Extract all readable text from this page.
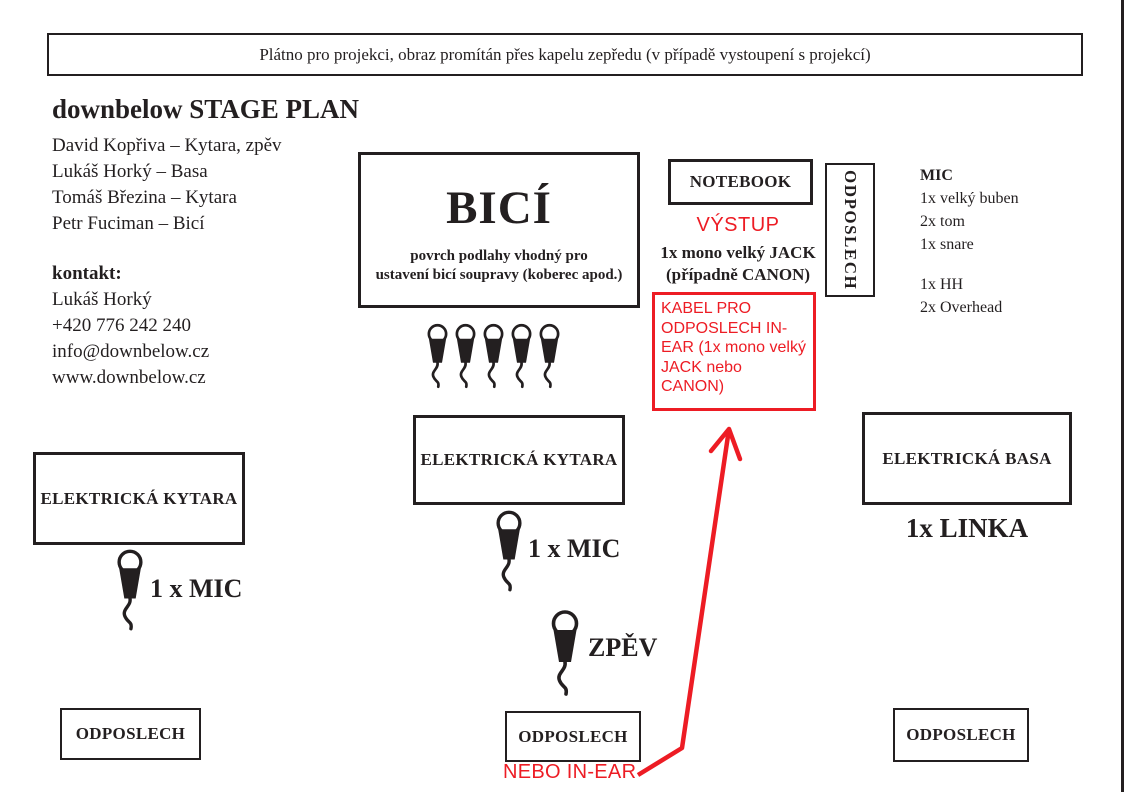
Plátno pro projekci, obraz promítán přes kapelu zepředu (v případě vystoupení s projekcí)
downbelow STAGE PLAN
David Kopřiva – Kytara, zpěv
Lukáš Horký – Basa
Tomáš Březina – Kytara
Petr Fuciman – Bicí
kontakt:
Lukáš Horký
+420 776 242 240
info@downbelow.cz
www.downbelow.cz
BICÍ
povrch podlahy vhodný pro
ustavení bicí soupravy (koberec apod.)
NOTEBOOK
VÝSTUP
1x mono velký JACK
(případně CANON)	ODPOSLECH	MIC
1x velký buben
2x tom
1x snare
1x HH
2x Overhead
KABEL PRO ODPOSLECH IN-EAR (1x mono velký JACK nebo CANON)
ELEKTRICKÁ KYTARA
1 x MIC
ZPĚV
ELEKTRICKÁ KYTARA
1 x MIC
ELEKTRICKÁ BASA
1x LINKA
ODPOSLECH	ODPOSLECH	ODPOSLECH
NEBO IN-EAR
